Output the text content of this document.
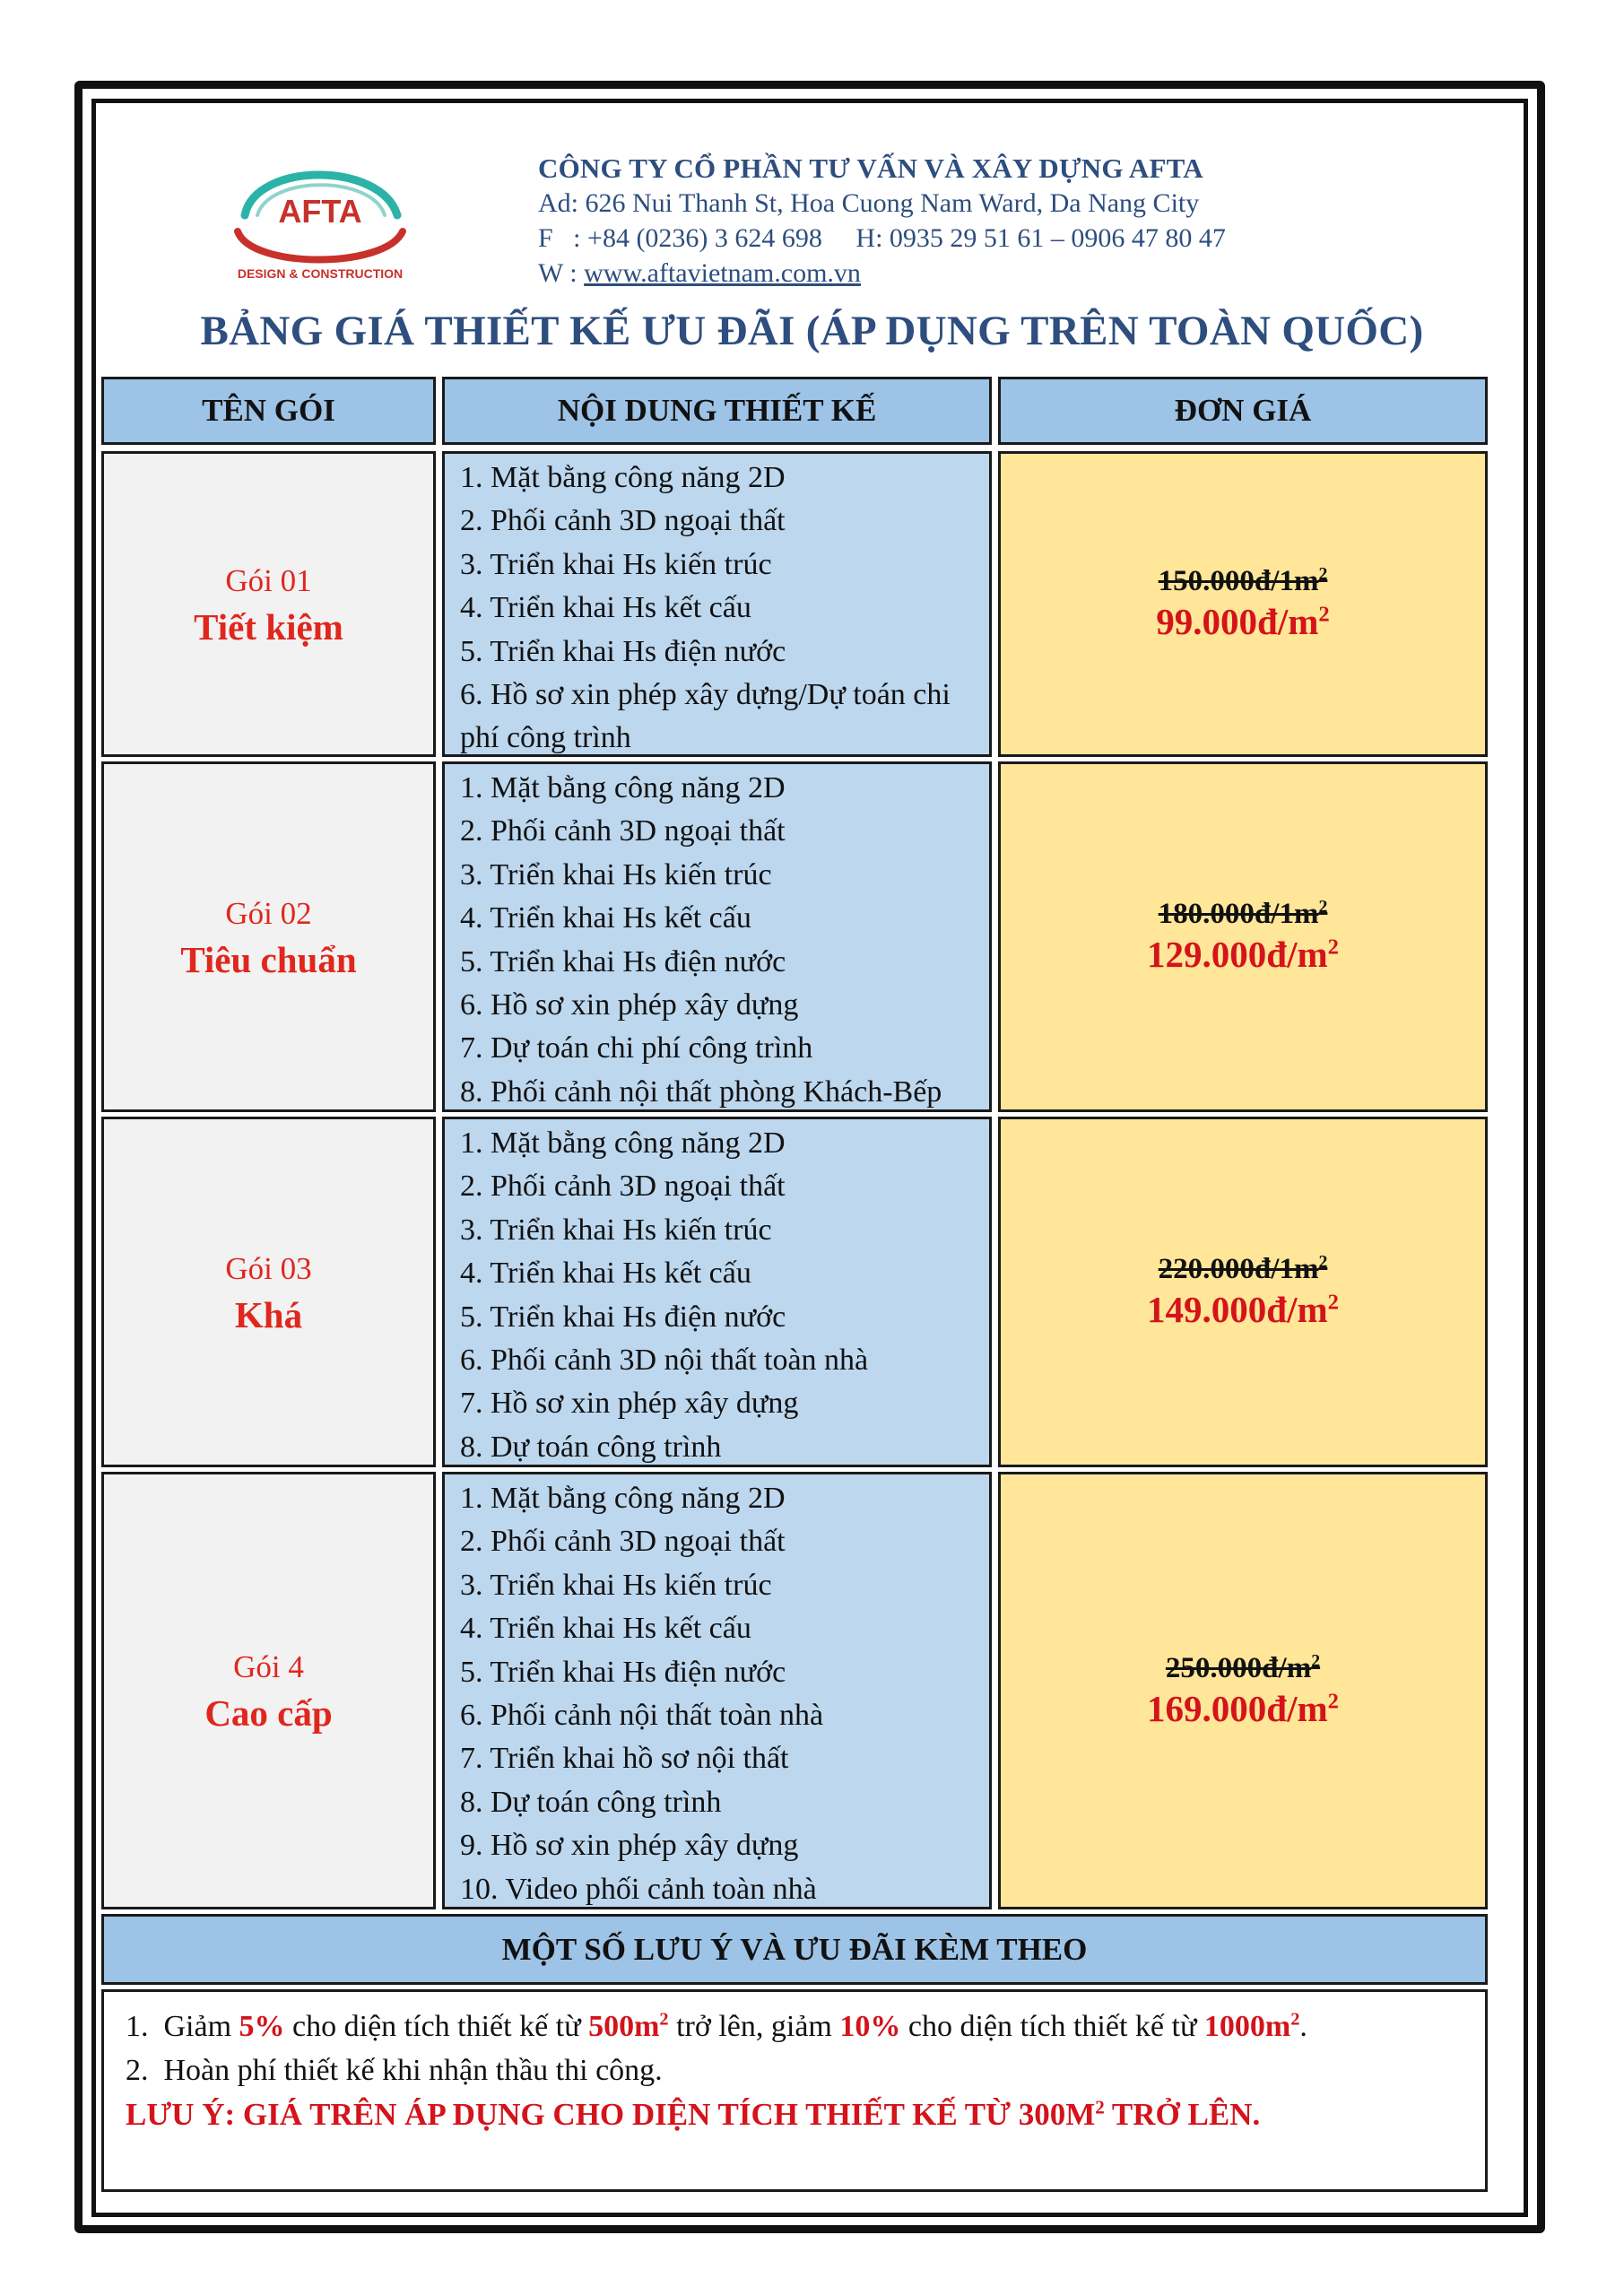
AFTA
DESIGN & CONSTRUCTION
CÔNG TY CỔ PHẦN TƯ VẤN VÀ XÂY DỰNG AFTA
Ad: 626 Nui Thanh St, Hoa Cuong Nam Ward, Da Nang City
F   : +84 (0236) 3 624 698     H: 0935 29 51 61 – 0906 47 80 47
W : www.aftavietnam.com.vn
BẢNG GIÁ THIẾT KẾ ƯU ĐÃI (ÁP DỤNG TRÊN TOÀN QUỐC)
TÊN GÓI	NỘI DUNG THIẾT KẾ	ĐƠN GIÁ
Gói 01
Tiết kiệm
1. Mặt bằng công năng 2D
2. Phối cảnh 3D ngoại thất
3. Triển khai Hs kiến trúc
4. Triển khai Hs kết cấu
5. Triển khai Hs điện nước
6. Hồ sơ xin phép xây dựng/Dự toán chi phí công trình
$150.000đ/1m^2$
$99.000đ/m^2$
Gói 02
Tiêu chuẩn
1. Mặt bằng công năng 2D
2. Phối cảnh 3D ngoại thất
3. Triển khai Hs kiến trúc
4. Triển khai Hs kết cấu
5. Triển khai Hs điện nước
6. Hồ sơ xin phép xây dựng
7. Dự toán chi phí công trình
8. Phối cảnh nội thất phòng Khách-Bếp
$180.000đ/1m^2$
$129.000đ/m^2$
Gói 03
Khá
1. Mặt bằng công năng 2D
2. Phối cảnh 3D ngoại thất
3. Triển khai Hs kiến trúc
4. Triển khai Hs kết cấu
5. Triển khai Hs điện nước
6. Phối cảnh 3D nội thất toàn nhà
7. Hồ sơ xin phép xây dựng
8. Dự toán công trình
$220.000đ/1m^2$
$149.000đ/m^2$
Gói 4
Cao cấp
1. Mặt bằng công năng 2D
2. Phối cảnh 3D ngoại thất
3. Triển khai Hs kiến trúc
4. Triển khai Hs kết cấu
5. Triển khai Hs điện nước
6. Phối cảnh nội thất toàn nhà
7. Triển khai hồ sơ nội thất
8. Dự toán công trình
9. Hồ sơ xin phép xây dựng
10. Video phối cảnh toàn nhà
$250.000đ/m^2$
$169.000đ/m^2$
MỘT SỐ LƯU Ý VÀ ƯU ĐÃI KÈM THEO
1.  Giảm 5% cho diện tích thiết kế từ $500m^2$ trở lên, giảm 10% cho diện tích thiết kế từ $1000m^2$.
2.  Hoàn phí thiết kế khi nhận thầu thi công.
LƯU Ý: GIÁ TRÊN ÁP DỤNG CHO DIỆN TÍCH THIẾT KẾ TỪ $300M^2$ TRỞ LÊN.
